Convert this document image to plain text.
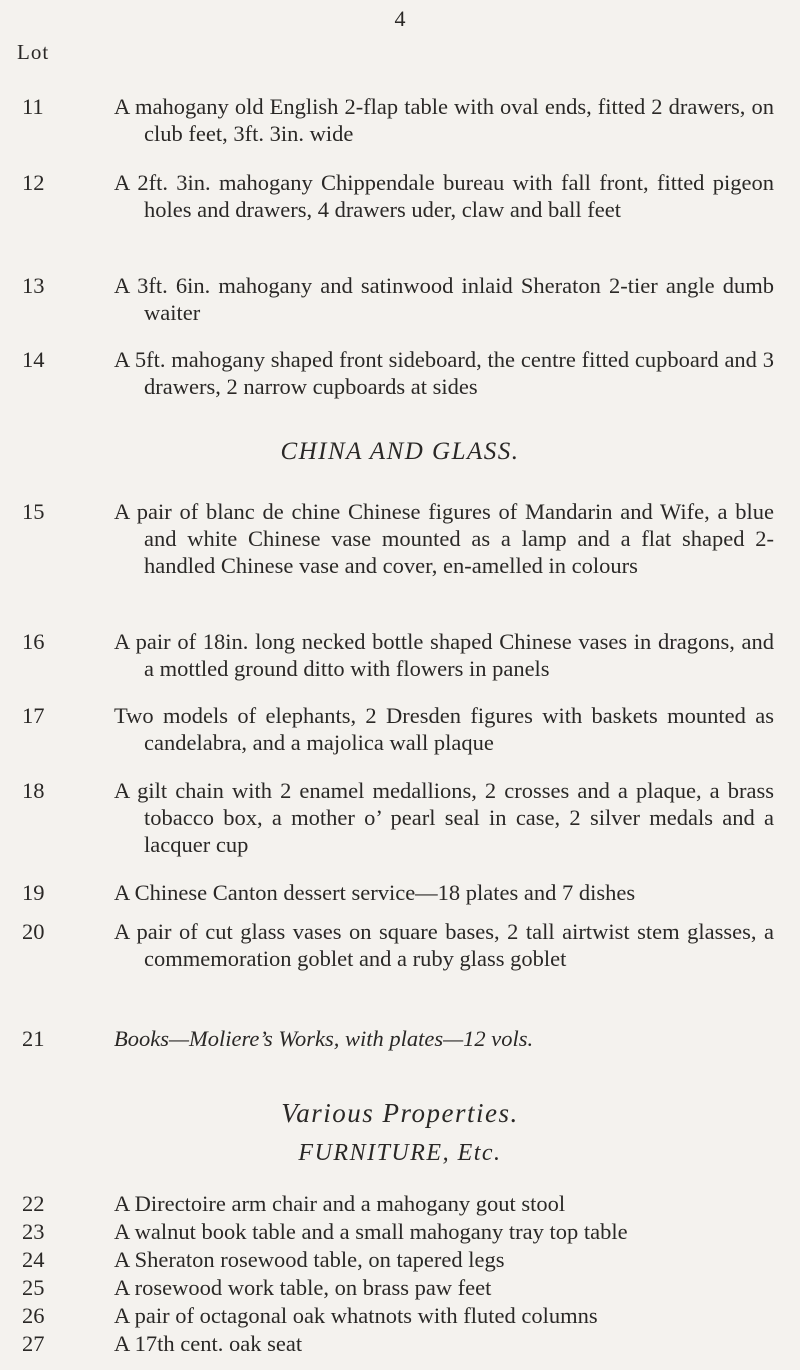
4
Lot
11	A mahogany old English 2-flap table with oval ends, fitted 2 drawers, on club feet, 3ft. 3in. wide
12	A 2ft. 3in. mahogany Chippendale bureau with fall front, fitted pigeon holes and drawers, 4 drawers uder, claw and ball feet
13	A 3ft. 6in. mahogany and satinwood inlaid Sheraton 2-tier angle dumb waiter
14	A 5ft. mahogany shaped front sideboard, the centre fitted cupboard and 3 drawers, 2 narrow cupboards at sides
CHINA AND GLASS.
15	A pair of blanc de chine Chinese figures of Mandarin and Wife, a blue and white Chinese vase mounted as a lamp and a flat shaped 2-handled Chinese vase and cover, en-amelled in colours
16	A pair of 18in. long necked bottle shaped Chinese vases in dragons, and a mottled ground ditto with flowers in panels
17	Two models of elephants, 2 Dresden figures with baskets mounted as candelabra, and a majolica wall plaque
18	A gilt chain with 2 enamel medallions, 2 crosses and a plaque, a brass tobacco box, a mother o’ pearl seal in case, 2 silver medals and a lacquer cup
19	A Chinese Canton dessert service—18 plates and 7 dishes
20	A pair of cut glass vases on square bases, 2 tall airtwist stem glasses, a commemoration goblet and a ruby glass goblet
21	Books—Moliere’s Works, with plates—12 vols.
Various Properties.
FURNITURE, Etc.
22	A Directoire arm chair and a mahogany gout stool
23	A walnut book table and a small mahogany tray top table
24	A Sheraton rosewood table, on tapered legs
25	A rosewood work table, on brass paw feet
26	A pair of octagonal oak whatnots with fluted columns
27	A 17th cent. oak seat
